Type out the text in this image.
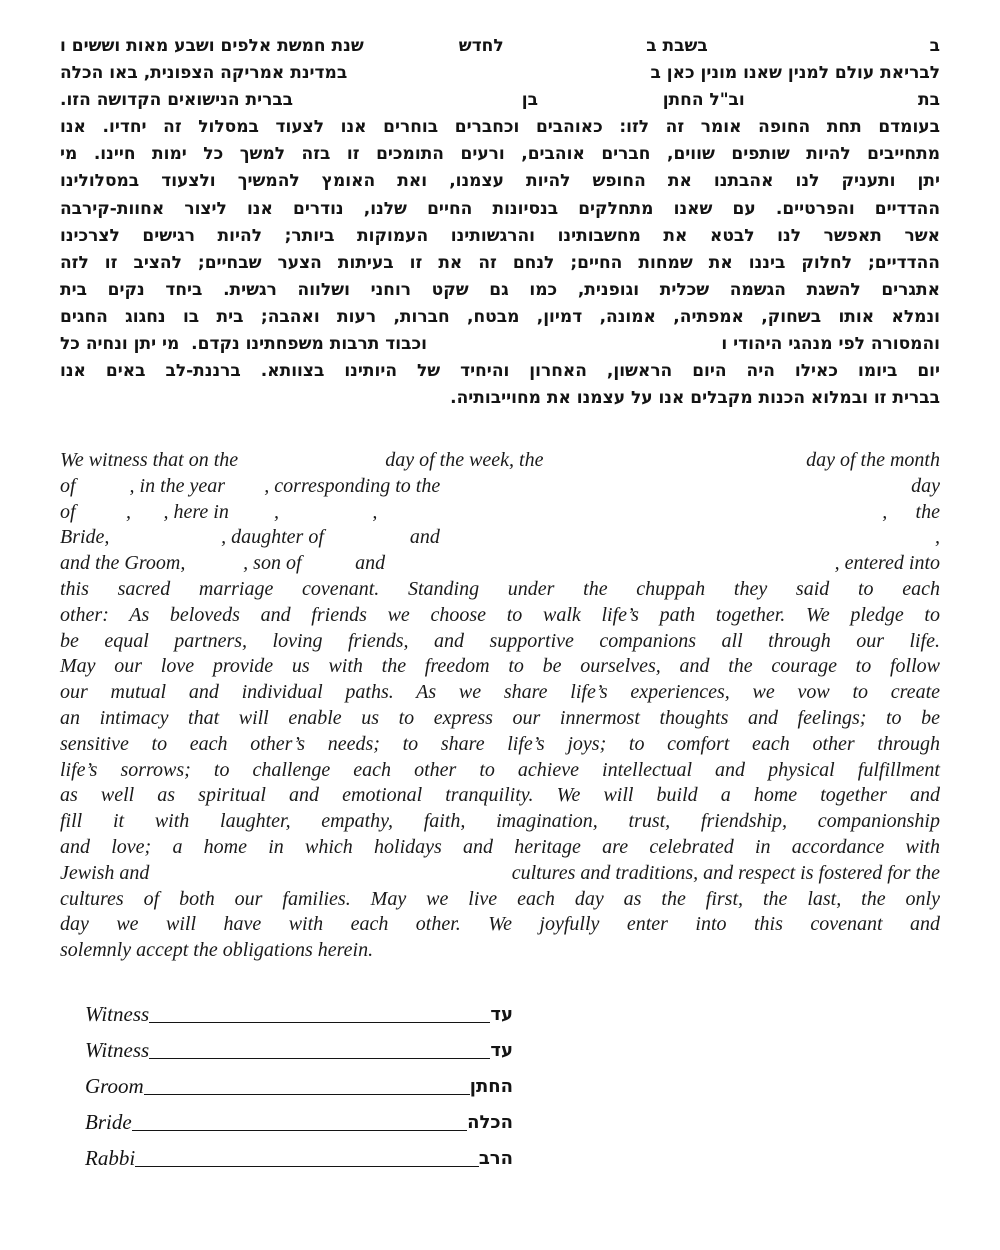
ב
בשבת ב
לחדש
שנת חמשת אלפים ושבע מאות וששים ו
לבריאת עולם למנין שאנו מונין כאן ב
במדינת אמריקה הצפונית, באו הכלה
בת
וב"ל החתן
בן
בברית הנישואים הקדושה הזו.
בעומדם תחת החופה אומר זה לזו: כאוהבים וכחברים בוחרים אנו לצעוד במסלול זה יחדיו. אנו
מתחייבים להיות שותפים שווים, חברים אוהבים, ורעים התומכים זו בזה למשך כל ימות חיינו. מי
יתן ותעניק לנו אהבתנו את החופש להיות עצמנו, ואת האומץ להמשיך ולצעוד במסלולינו
ההדדיים והפרטיים. עם שאנו מתחלקים בנסיונות החיים שלנו, נודרים אנו ליצור אחוות-קירבה
אשר תאפשר לנו לבטא את מחשבותינו והרגשותינו העמוקות ביותר; להיות רגישים לצרכינו
ההדדיים; לחלוק ביננו את שמחות החיים; לנחם זה את זו בעיתות הצער שבחיים; להציב זו לזה
אתגרים להשגת הגשמה שכלית וגופנית, כמו גם שקט רוחני ושלווה רגשית. ביחד נקים בית
ונמלא אותו בשחוק, אמפתיה, אמונה, דמיון, מבטח, חברות, רעות ואהבה; בית בו נחגוג החגים
והמסורה לפי מנהגי היהודי ו
וכבוד תרבות משפחתינו נקדם.  מי יתן ונחיה כל
יום ביומו כאילו היה היום הראשון, האחרון והיחיד של היותינו בצוותא. ברננת-לב באים אנו
בברית זו ובמלוא הכנות מקבלים אנו על עצמנו את מחוייבותיה.
We witness that on the	day of the week, the	day of the month
of	, in the year , corresponding to the	day
of	, , here in ,	,	, the
Bride,	, daughter of	and	,
and the Groom,	, son of	and	, entered into
this sacred marriage covenant. Standing under the chuppah they said to each
other: As beloveds and friends we choose to walk life’s path together. We pledge to
be equal partners, loving friends, and supportive companions all through our life.
May our love provide us with the freedom to be ourselves, and the courage to follow
our mutual and individual paths. As we share life’s experiences, we vow to create
an intimacy that will enable us to express our innermost thoughts and feelings; to be
sensitive to each other’s needs; to share life’s joys; to comfort each other through
life’s sorrows; to challenge each other to achieve intellectual and physical fulfillment
as well as spiritual and emotional tranquility. We will build a home together and
fill it with laughter, empathy, faith, imagination, trust, friendship, companionship
and love; a home in which holidays and heritage are celebrated in accordance with
Jewish and	cultures and traditions, and respect is fostered for the
cultures of both our families. May we live each day as the first, the last, the only
day we will have with each other. We joyfully enter into this covenant and
solemnly accept the obligations herein.
Witness	עד
Witness	עד
Groom	החתן
Bride	הכלה
Rabbi	הרב
